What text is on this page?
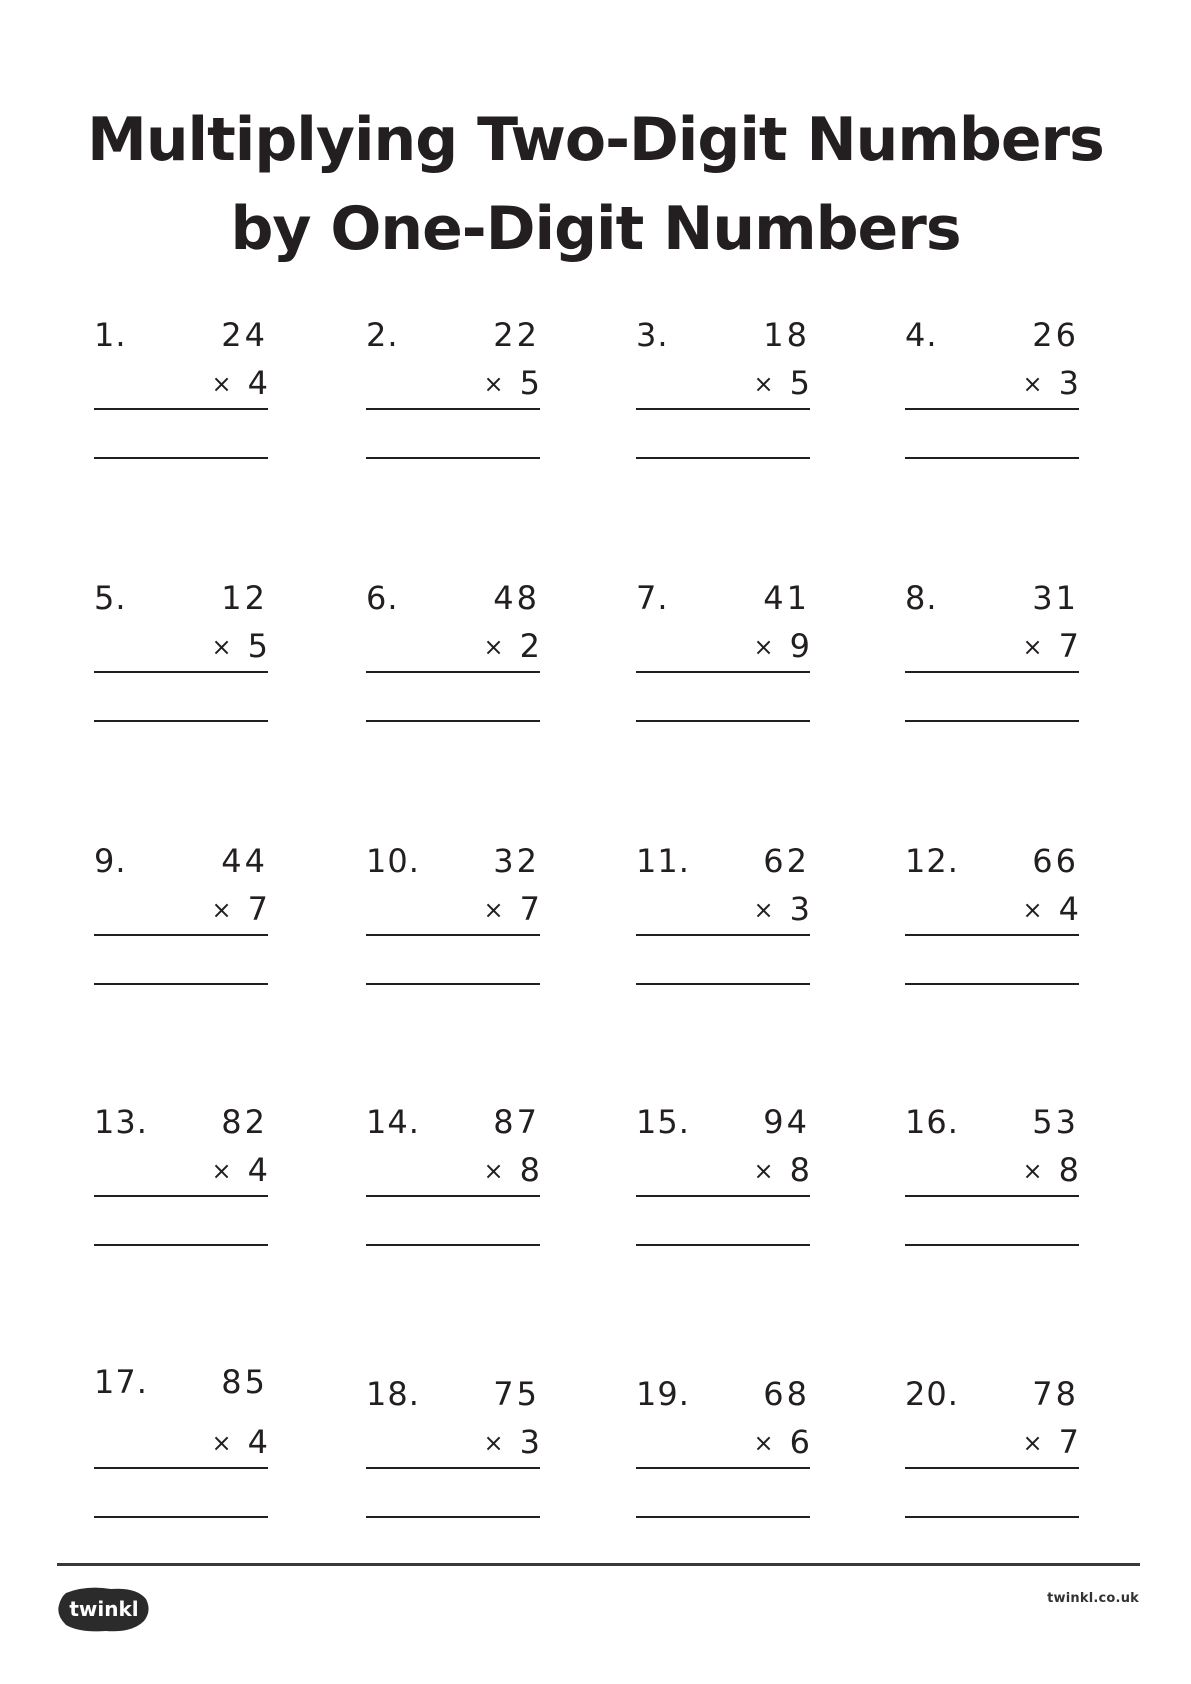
Multiplying Two-Digit Numbers by One-Digit Numbers
1.	24
× 4
2.	22
× 5
3.	18
× 5
4.	26
× 3
5.	12
× 5
6.	48
× 2
7.	41
× 9
8.	31
× 7
9.	44
× 7
10. 32
× 7
11. 62
× 3
12. 66
× 4
13. 82
× 4
14. 87
× 8
15. 94
× 8
16. 53
× 8
17. 85
× 4
18. 75
× 3
19. 68
× 6
20. 78
× 7
twinkl	twinkl.co.uk
